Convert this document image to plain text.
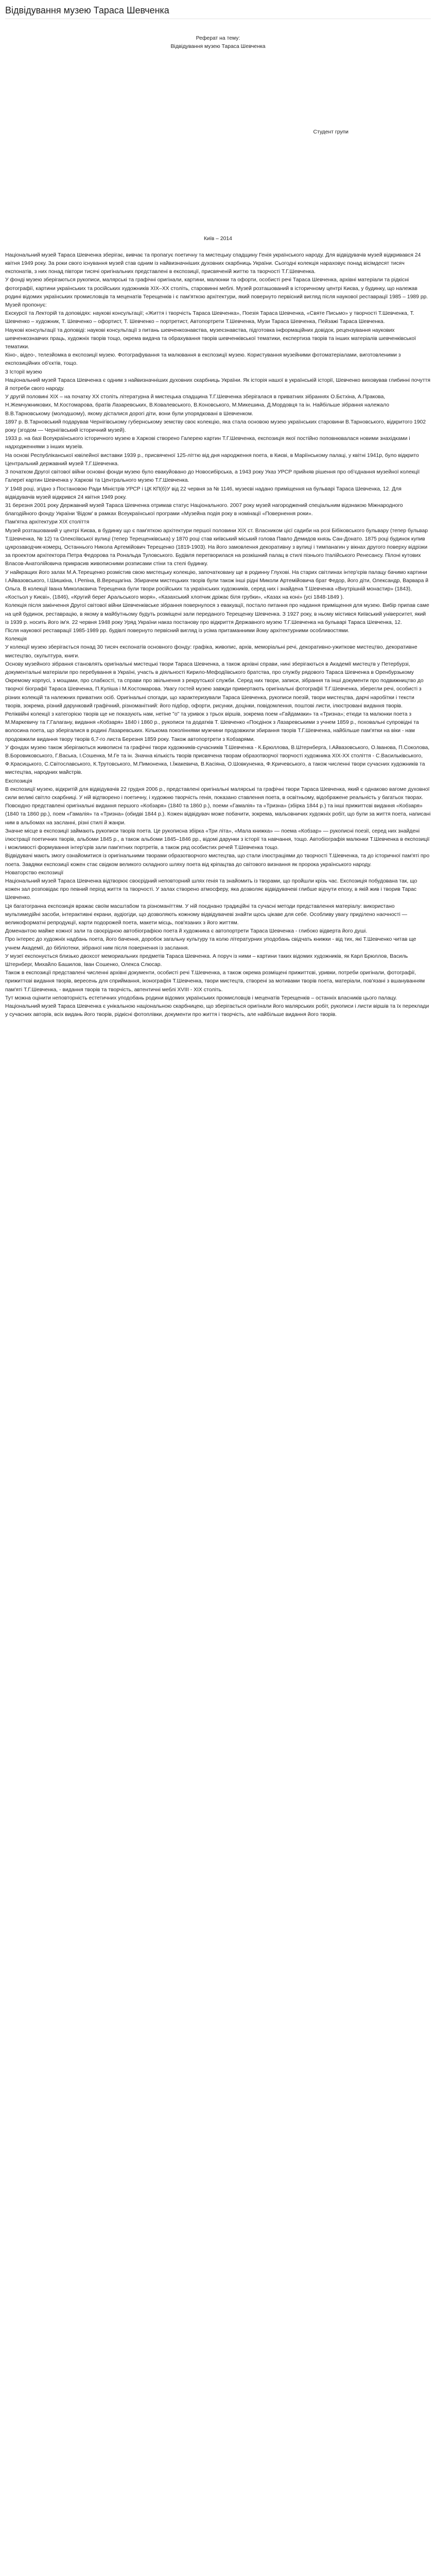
Відвідування музею Тараса Шевченка

Реферат на тему:

Відвідування музею Тараса Шевченка

Студент групи

Київ – 2014

Національний музей Тараса Шевченка зберігає, вивчає та пропагує поетичну та мистецьку спадщину Генія українського народу. Для відвідувачів музей відкривався 24 квітня 1949 року. За роки свого існування музей став одним із найвизначніших духовних скарбниць України. Сьогодні колекція нараховує понад вісімдесят тисяч експонатів, з них понад півтори тисячі оригінальних представлені в експозиції, присвяченій життю та творчості Т.Г.Шевченка.

У фонді музею зберігаються рукописи, малярські та графічні оригінали, картини, малюнки та офорти, особисті речі Тараса Шевченка, архівні матеріали та рідкісні фотографії, картини українських та російських художників XIX–XX століть, старовинні меблі. Музей розташований в історичному центрі Києва, у будинку, що належав родині відомих українських промисловців та меценатів Терещенків і є пам'яткою архітектури, який повернуто первісний вигляд після наукової реставрації 1985 – 1989 рр.

Музей пропонує:

Екскурсії та Лекторій та доповідях: наукові консультації; «Життя і творчість Тараса Шевченка», Поезія Тараса Шевченка, «Святе Письмо» у творчості Т.Шевченка, Т. Шевченко – художник, Т. Шевченко – офортист, Т. Шевченко – портретист, Автопортрети Т.Шевченка, Музи Тараса Шевченка, Пейзажі Тараса Шевченка.

Наукові консультації та доповіді: наукові консультації з питань шевченкознавства, музеєзнавства, підготовка інформаційних довідок, рецензування наукових шевченкознавчих праць, художніх творів тощо, окрема видача та обрахування творів шевченківської тематики, експертиза творів та інших матеріалів шевченківської тематики.

Кіно-, відео-, телезйомка в експозиції музею. Фотографування та малювання в експозиції музею. Користування музейними фотоматеріалами, виготовленими з експозиційних об'єктів, тощо.

3 Історії музею

Національний музей Тараса Шевченка є одним з найвизначніших духовних скарбниць України. Як історія нашої в українській історії, Шевченко виховував глибинні почуття й потреби свого народу.

У другій половині XIX – на початку XX століть літературна й мистецька спадщина Т.Г.Шевченка зберігалася в приватних зібраннях О.Бєтхіна, А.Пракова, Н.Жемчужникових, М.Костомарова, братів Лазаревських, В.Ковалевського, В.Коновського, М.Микешина, Д.Мордовця та ін. Найбільше зібрання належало В.В.Тарновському (молодшому), якому дісталися дорогі діти, вони були упорядковані в Шевченком.

1897 р. В.Тарновський подарував Чернігівському губернському земству своє колекцію, яка стала основою музею українських старовини В.Тарновського, відкритого 1902 року (згодом — Чернігівський історичний музей).

1933 р. на базі Всеукраїнського історичного музею в Харкові створено Галерею картин Т.Г.Шевченка, експозиція якої постійно поповнювалася новими знахідками і надходженнями з інших музеїв.

На основі Республіканської ювілейної виставки 1939 р., присвяченої 125-літтю від дня народження поета, в Києві, в Маріїнському палаці, у квітні 1941р, було відкрито Центральний державний музей Т.Г.Шевченка.

З початком Другої світової війни основні фонди музею було евакуйовано до Новосибірська, а 1943 року Указ УРСР прийняв рішення про об'єднання музейної колекції Галереї картин Шевченка у Харкові та Центрального музею Т.Г.Шевченка.

У 1948 році, згідно з Постановою Ради Міністрів УРСР і ЦК КП(б)У від 22 червня за № 1146, музеєві надано приміщення на бульварі Тараса Шевченка, 12. Для відвідувачів музей відкрився 24 квітня 1949 року.

31 березня 2001 року Державний музей Тараса Шевченка отримав статус Національного. 2007 року музей нагороджений спеціальним відзнакою Міжнародного благодійного фонду України 'Відом' в рамках Всеукраїнської програми «Музейна подія року в номінації «Повернення роки».

Пам'ятка архітектури XIX століття

Музей розташований у центрі Києва, в будинку що є пам'яткою архітектури першої половини XIX ст. Власником цієї садиби на розі Бібіковського бульвару (тепер бульвар Т.Шевченка, № 12) та Олексіївської вулиці (тепер Терещенківська) у 1870 році став київський міський голова Павло Демидов князь Сан-Донато. 1875 році будинок купив цукрозаводчик-комерц. Останнього Никола Артемійович Терещенко (1819-1903). На його замовлення декоративну з вулиці і тимпанагин у вікнах другого поверху відрізки за проектом архітектора Петра Федорова та Рональда Туловського. Будівля перетворилася на розкішний палац в стилі пізнього Італійського Ренесансу. Пілоні кутових Власов-Анатолійовича прикрасив живописними розписами стіни та стелі будинку.

У найкращих його залах М.А.Терещенко розмістив свою мистецьку колекцію, започатковану ще в родинну Глухові. На старих світлинах інтер'єрів палацу бачимо картини І.Айвазовського, І.Шишкіна, І.Репіна, В.Верещагіна. Збирачем мистецьких творів були також інші рідні Миколи Артемійовича брат Федор, його діти, Олександр, Варвара й Ольга. В колекції Івана Миколаєвича Терещенка були твори російських та українських художників, серед них і знайдена Т.Шевченка «Внутрішній монастир» (1843), «Костьол у Києві», (1846), «Кругий берег Аральського моря», «Казахський хлопчик дріжає біля грубки», «Казах на коні» (усі 1848-1849 ).

Колекція після закінчення Другої світової війни Шевченківське зібрання повернулося з евакуації, постало питання про надання приміщення для музею. Вибір припав саме на цей будинок, реставрацію, в якому в майбутньому будуть розміщені зали переданого Терещенку Шевченка. З 1927 року, в ньому містився Київський університет, який із 1939 р. носить його ім'я. 22 червня 1948 року Уряд України наказ постанову про відкриття Державного музею Т.Г.Шевченка на бульварі Тараса Шевченка, 12.

Після наукової реставрації 1985-1989 рр. будівлі повернуто первісний вигляд із усіма притаманними йому архітектурними особливостями.

Колекція

У колекції музею зберігається понад 30 тисяч експонатів основного фонду: графіка, живопис, архів, меморіальні речі, декоративно-ужиткове мистецтво, декоративне мистецтво, скульптура, книги.

Основу музейного зібрання становлять оригінальні мистецькі твори Тараса Шевченка, а також архівні справи, нині зберігаються в Академії мистецтв у Петербурзі, документальні матеріали про перебування в Україні, участь в діяльності Кирило-Мефодіївського братства, про службу рядового Тараса Шевченка в Оренбурзькому Окремому корпусі, з мощами, про слабкості, та справи про звільнення з рекрутської служби. Серед них твори, записи, зібрання та інші документи про подвижництво до творчої біографії Тараса Шевченка, П.Куліша і М.Костомарова. Увагу гостей музею завжди привертають оригінальні фотографії Т.Г.Шевченка, зберегли речі, особисті з різних колекцій та належних приватних осіб. Оригінальні спогади, що характеризували Тараса Шевченка, рукописи поезій, твори мистецтва, дарчі наробітки і тексти творів, зокрема, різний дарунковий графічний, різноманітний: його підбор, офорти, рисунки, доцінки, повідомлення, поштові листи, ілюстровані видання творів.

Реліквійні колекції з категорією творів ще не показують нам, нетіне "о" та уривок з трьох віршів, зокрема поем «Гайдамаки» та «Тризна»; етюди та малюнки поета з М.Маркевичу та Г.Галагану, видання «Кобзаря» 1840 і 1860 р., рукописи та додатків Т. Шевченко «Поєдінок з Лазаревськими з учнем 1859 р., поховальні супровідні та волосина поета, що зберігалися в родині Лазаревських. Кількома поколіннями мужчини продовжили збирання творів Т.Г.Шевченка, найбільше пам'ятки на віки - нам продовжили видання твору творів 6,7-го листа Березня 1859 року. Також автопортрети з Кобзарями.

У фондах музею також зберігаються живописні та графічні твори художників-сучасників Т.Шевченка - К.Брюллова, В.Штернберга, І.Айвазовського, О.Іванова, П.Соколова, В.Боровиковського, Г.Васька, І.Сошенка, М.Ге та ін. Значна кількість творів присвячена творам образотворчої творчості художника XIX-XX століття - С.Васильківського, Ф.Красицького, С.Світославського, К.Трутовського, М.Пимоненка, І.Їжакевича, В.Касіяна, О.Шовкуненка, Ф.Кричевського, а також численні твори сучасних художників та мистецтва, народних майстрів.

Експозиція

В експозиції музею, відкритій для відвідувачів 22 грудня 2006 р., представлені оригінальні малярські та графічні твори Тараса Шевченка, який є однаково вагоме духовної сили великі світло скарбниці. У ній відтворено і поетичну, і художню творчість генія, показано ставлення поета, в освітньому, відображене реальність у багатьох творах. Повсюдно представлені оригінальні видання першого «Кобзаря» (1840 та 1860 р.), поеми «Гамалія» та «Тризна» (збірка 1844 р.) та інші прижиттєві видання «Кобзаря» (1840 та 1860 рр.), поем «Гамалія» та «Тризна» (обидві 1844 р.). Кожен відвідувач може побачити, зокрема, мальовничих художніх робіт, що були за життя поета, написані ним в альбомах на засланні, різні стилі й жанри.

Значне місце в експозиції займають рукописи творів поета. Це рукописна збірка «Три літа», «Мала книжка» — поема «Кобзар» — рукописні поезії, серед них знайдені ілюстрації поетичних творів, альбоми 1845 р., а також альбоми 1845–1846 рр., відомі дарунки з історії та навчання, тощо. Автобіографія малюнки Т.Шевченка в експозиції і можливості формування інтер'єрів зали пам'ятних портретів, а також ряд особистих речей Т.Шевченка тощо.

Відвідувачі мають змогу ознайомитися із оригінальними творами образотворчого мистецтва, що стали ілюстраціями до творчості Т.Шевченка, та до історичної пам'яті про поета. Завдяки експозиції кожен стає свідком великого складного шляху поета від кріпацтва до світового визнання як пророка українського народу.

Новаторство експозиції

Національний музей Тараса Шевченка відтворює своєрідний неповторний шлях генія та знайомить із творами, що пройшли крізь час. Експозиція побудована так, що кожен зал розповідає про певний період життя та творчості. У залах створено атмосферу, яка дозволяє відвідувачеві глибше відчути епоху, в якій жив і творив Тарас Шевченко.

Ця багатогранна експозиція вражає своїм масштабом та різноманіттям. У ній поєднано традиційні та сучасні методи представлення матеріалу: використано мультимедійні засоби, інтерактивні екрани, аудіогіди, що дозволяють кожному відвідувачеві знайти щось цікаве для себе. Особливу увагу приділено наочності — великоформатні репродукції, карти подорожей поета, макети місць, пов'язаних з його життям.

Доменантою майже кожної зали та своєрідною автобіографією поета й художника є автопортрети Тараса Шевченка - глибоко відверта його душі.

Про інтерес до художніх надбань поета, його бачення, доробок загальну культуру та колю літературних уподобань свідчать книжки - від тих, які Т.Шевченко читав ще учнем Академії, до бібліотеки, зібраної ним після повернення із заслання.

У музеї експонується близько двохсот мемориальних предметів Тараса Шевченка. А поруч із ними – картини таких відомих художників, як Карл Брюллов, Василь Штернберг, Михайло Башилов, Іван Сошенко, Олекса Слюсар.

Також в експозиції представлені численні архівні документи, особисті речі Т.Шевченка, а також окрема розміщені прижиттєві, уривки, потреби оригінали, фотографії, прижиттєві видання творів, вересень для сприймання, іконографія Т.Шевченка, твори мистецтв, створені за мотивами творів поета, матеріали, пов'язані з вшануванням пам'яті Т.Г.Шевченка, - видання творів та творчість, автентичні меблі XVIII - XIX століть.

Тут можна оцінити неповторність естетичних уподобань родини відомих українських промисловців і меценатів Терещенків – останніх власників цього палацу.

Національний музей Тараса Шевченка є унікальною національною скарбницею, що зберігається оригінали його малярських робіт, рукописи і листи віршів та їх переклади у сучасних авторів, всіх видань його творів, рідкісні фотоплівки, документи про життя і творчість, але найбільше видання його творів.
